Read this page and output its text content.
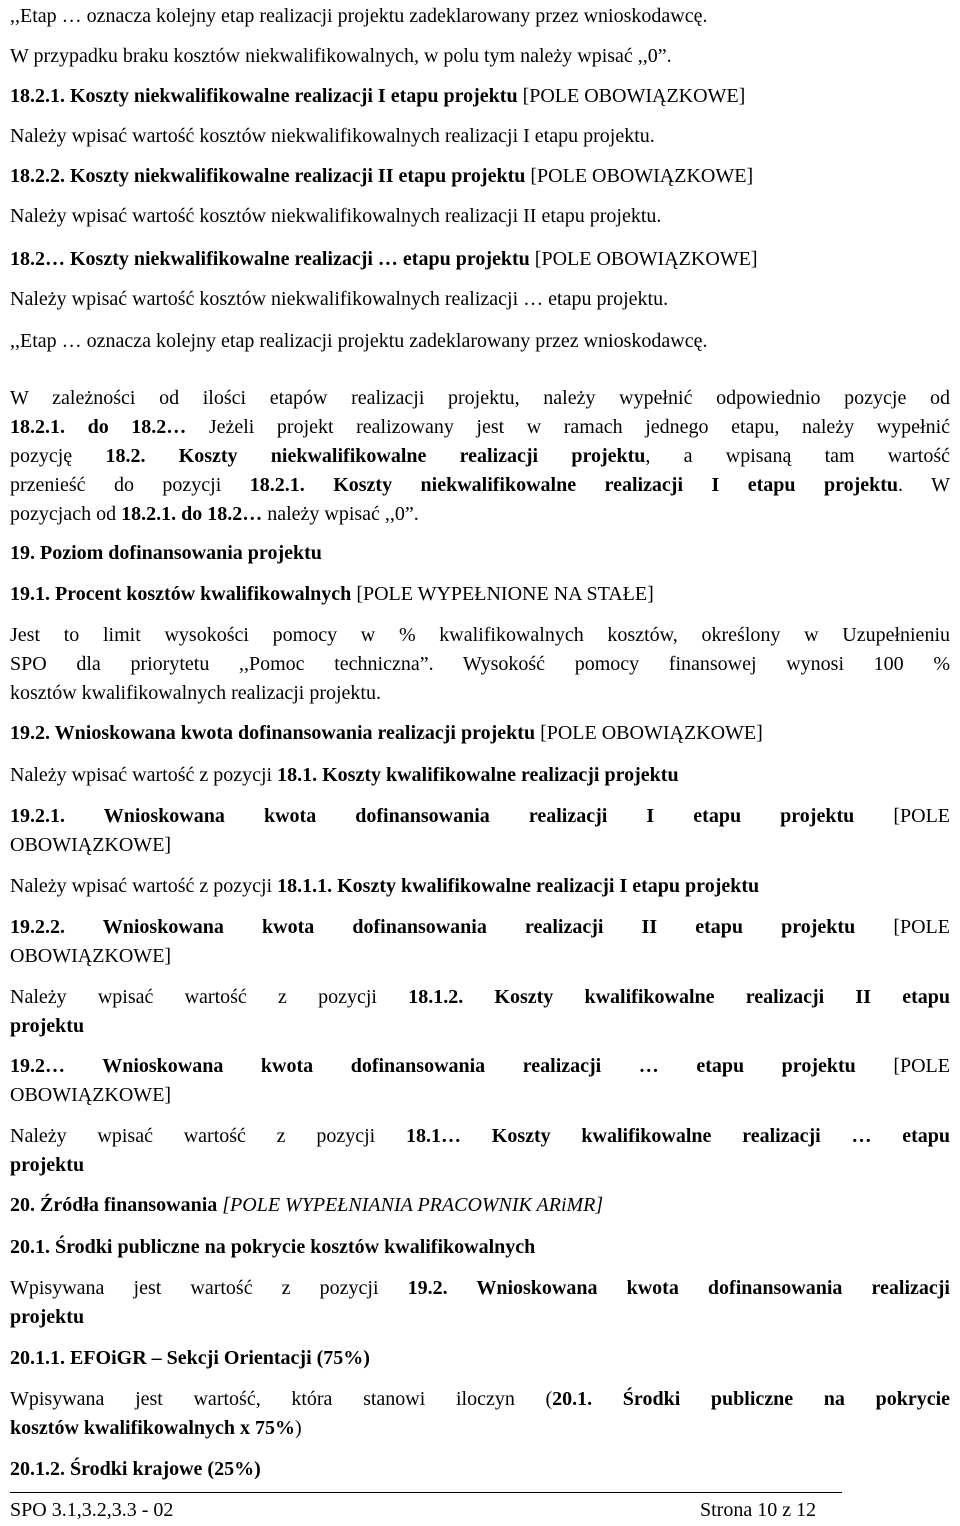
,,Etap … oznacza kolejny etap realizacji projektu zadeklarowany przez wnioskodawcę.
W przypadku braku kosztów niekwalifikowalnych, w polu tym należy wpisać ,,0”.
18.2.1. Koszty niekwalifikowalne realizacji I etapu projektu [POLE OBOWIĄZKOWE]
Należy wpisać wartość kosztów niekwalifikowalnych realizacji I etapu projektu.
18.2.2. Koszty niekwalifikowalne realizacji II etapu projektu [POLE OBOWIĄZKOWE]
Należy wpisać wartość kosztów niekwalifikowalnych realizacji II etapu projektu.
18.2… Koszty niekwalifikowalne realizacji … etapu projektu [POLE OBOWIĄZKOWE]
Należy wpisać wartość kosztów niekwalifikowalnych realizacji … etapu projektu.
,,Etap … oznacza kolejny etap realizacji projektu zadeklarowany przez wnioskodawcę.
W zależności od ilości etapów realizacji projektu, należy wypełnić odpowiednio pozycje od
18.2.1. do 18.2… Jeżeli projekt realizowany jest w ramach jednego etapu, należy wypełnić
pozycję 18.2. Koszty niekwalifikowalne realizacji projektu, a wpisaną tam wartość
przenieść do pozycji 18.2.1. Koszty niekwalifikowalne realizacji I etapu projektu. W
pozycjach od 18.2.1. do 18.2… należy wpisać ,,0”.
19. Poziom dofinansowania projektu
19.1. Procent kosztów kwalifikowalnych [POLE WYPEŁNIONE NA STAŁE]
Jest to limit wysokości pomocy w % kwalifikowalnych kosztów, określony w Uzupełnieniu
SPO dla priorytetu ,,Pomoc techniczna”. Wysokość pomocy finansowej wynosi 100 %
kosztów kwalifikowalnych realizacji projektu.
19.2. Wnioskowana kwota dofinansowania realizacji projektu [POLE OBOWIĄZKOWE]
Należy wpisać wartość z pozycji 18.1. Koszty kwalifikowalne realizacji projektu
19.2.1. Wnioskowana kwota dofinansowania realizacji I etapu projektu [POLE
OBOWIĄZKOWE]
Należy wpisać wartość z pozycji 18.1.1. Koszty kwalifikowalne realizacji I etapu projektu
19.2.2. Wnioskowana kwota dofinansowania realizacji II etapu projektu [POLE
OBOWIĄZKOWE]
Należy wpisać wartość z pozycji 18.1.2. Koszty kwalifikowalne realizacji II etapu
projektu
19.2… Wnioskowana kwota dofinansowania realizacji … etapu projektu [POLE
OBOWIĄZKOWE]
Należy wpisać wartość z pozycji 18.1… Koszty kwalifikowalne realizacji … etapu
projektu
20. Źródła finansowania [POLE WYPEŁNIANIA PRACOWNIK ARiMR]
20.1. Środki publiczne na pokrycie kosztów kwalifikowalnych
Wpisywana jest wartość z pozycji 19.2. Wnioskowana kwota dofinansowania realizacji
projektu
20.1.1. EFOiGR – Sekcji Orientacji (75%)
Wpisywana jest wartość, która stanowi iloczyn (20.1. Środki publiczne na pokrycie
kosztów kwalifikowalnych x 75%)
20.1.2. Środki krajowe (25%)
SPO 3.1,3.2,3.3 - 02	Strona 10 z 12
